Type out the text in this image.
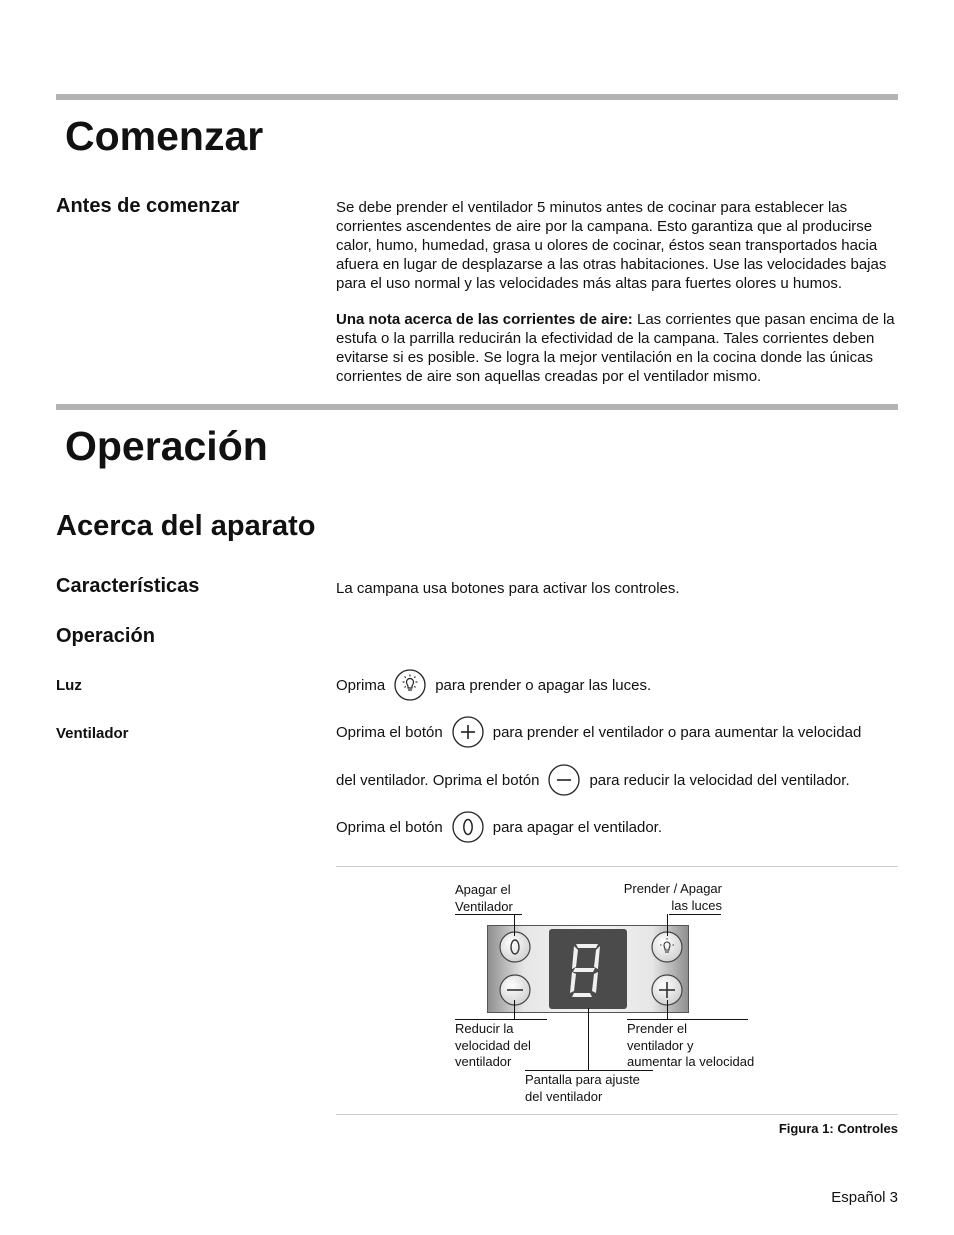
Comenzar
Antes de comenzar	Se debe prender el ventilador 5 minutos antes de cocinar para establecer las corrientes ascendentes de aire por la campana. Esto garantiza que al producirse calor, humo, humedad, grasa u olores de cocinar, éstos sean transportados hacia afuera en lugar de desplazarse a las otras habitaciones. Use las velocidades bajas para el uso normal y las velocidades más altas para fuertes olores u humos.

Una nota acerca de las corrientes de aire: Las corrientes que pasan encima de la estufa o la parrilla reducirán la efectividad de la campana. Tales corrientes deben evitarse si es posible. Se logra la mejor ventilación en la cocina donde las únicas corrientes de aire son aquellas creadas por el ventilador mismo.

Operación
Acerca del aparato
Características	La campana usa botones para activar los controles.

Operación
Luz	Oprima	para prender o apagar las luces.
Ventilador	Oprima el botón	para prender el ventilador o para aumentar la velocidad
del ventilador. Oprima el botón	para reducir la velocidad del ventilador.
Oprima el botón	para apagar el ventilador.
Apagar el
Ventilador
Prender / Apagar
las luces
Reducir la
velocidad del
ventilador
Prender el
ventilador y
aumentar la velocidad
Pantalla para ajuste
del ventilador
Figura 1: Controles
Español 3
